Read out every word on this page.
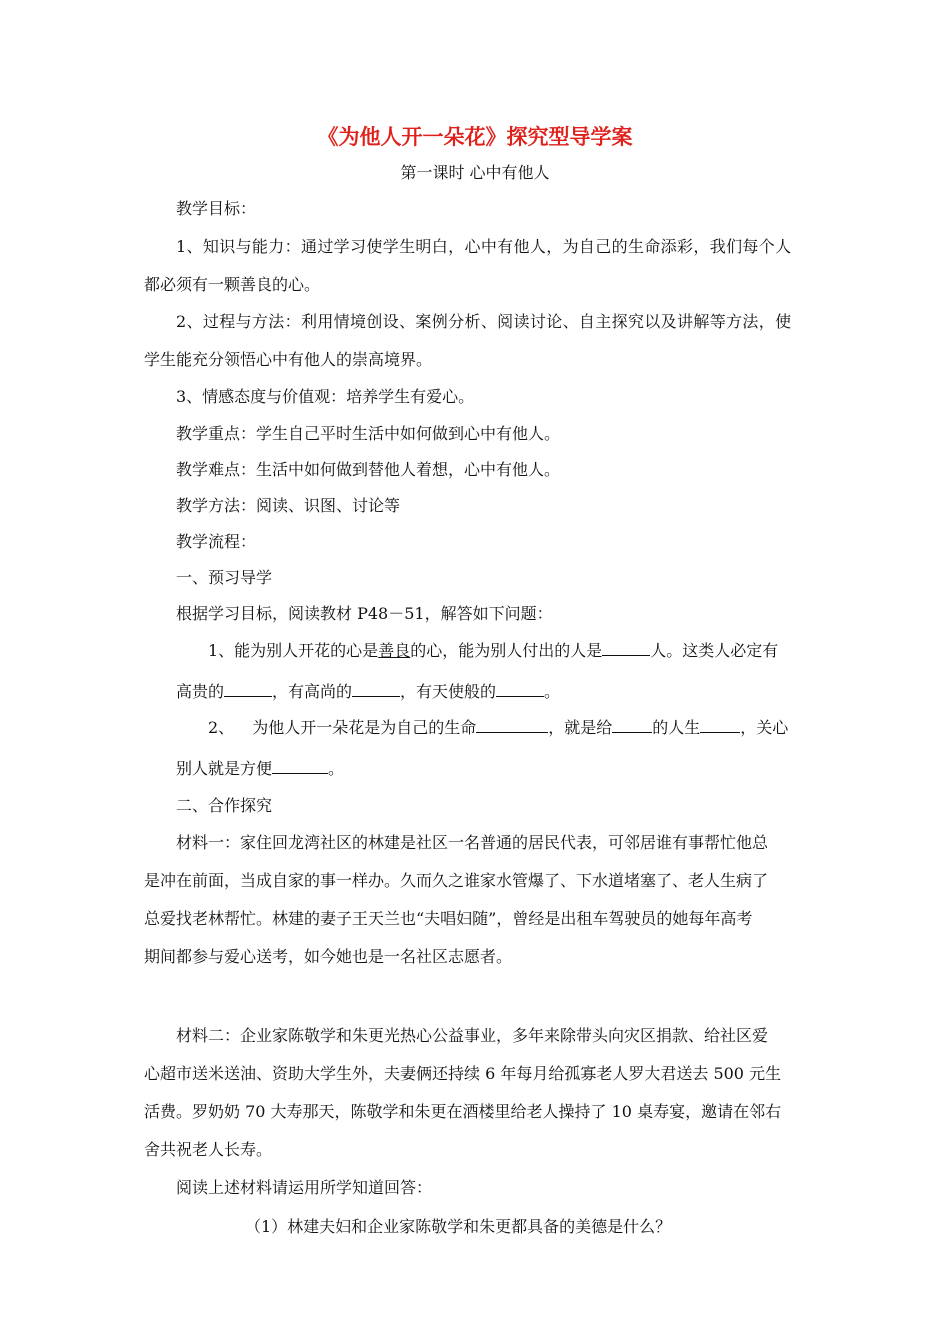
《为他人开一朵花》探究型导学案
第一课时 心中有他人
教学目标：
1、知识与能力：通过学习使学生明白，心中有他人，为自己的生命添彩，我们每个人
都必须有一颗善良的心。
2、过程与方法：利用情境创设、案例分析、阅读讨论、自主探究以及讲解等方法，使
学生能充分领悟心中有他人的崇高境界。
3、情感态度与价值观：培养学生有爱心。
教学重点：学生自己平时生活中如何做到心中有他人。
教学难点：生活中如何做到替他人着想，心中有他人。
教学方法：阅读、识图、讨论等
教学流程：
一、预习导学
根据学习目标，阅读教材 P48－51，解答如下问题：
1、能为别人开花的心是善良的心，能为别人付出的人是	人。这类人必定有
高贵的	，有高尚的	，有天使般的	。
2、 为他人开一朵花是为自己的生命	，就是给	的人生	，关心
别人就是方便	。
二、合作探究
材料一：家住回龙湾社区的林建是社区一名普通的居民代表，可邻居谁有事帮忙他总
是冲在前面，当成自家的事一样办。久而久之谁家水管爆了、下水道堵塞了、老人生病了
总爱找老林帮忙。林建的妻子王天兰也“夫唱妇随”，曾经是出租车驾驶员的她每年高考
期间都参与爱心送考，如今她也是一名社区志愿者。
材料二：企业家陈敬学和朱更光热心公益事业，多年来除带头向灾区捐款、给社区爱
心超市送米送油、资助大学生外，夫妻俩还持续 6 年每月给孤寡老人罗大君送去 500 元生
活费。罗奶奶 70 大寿那天，陈敬学和朱更在酒楼里给老人操持了 10 桌寿宴，邀请在邻右
舍共祝老人长寿。
阅读上述材料请运用所学知道回答：
（1）林建夫妇和企业家陈敬学和朱更都具备的美德是什么？
